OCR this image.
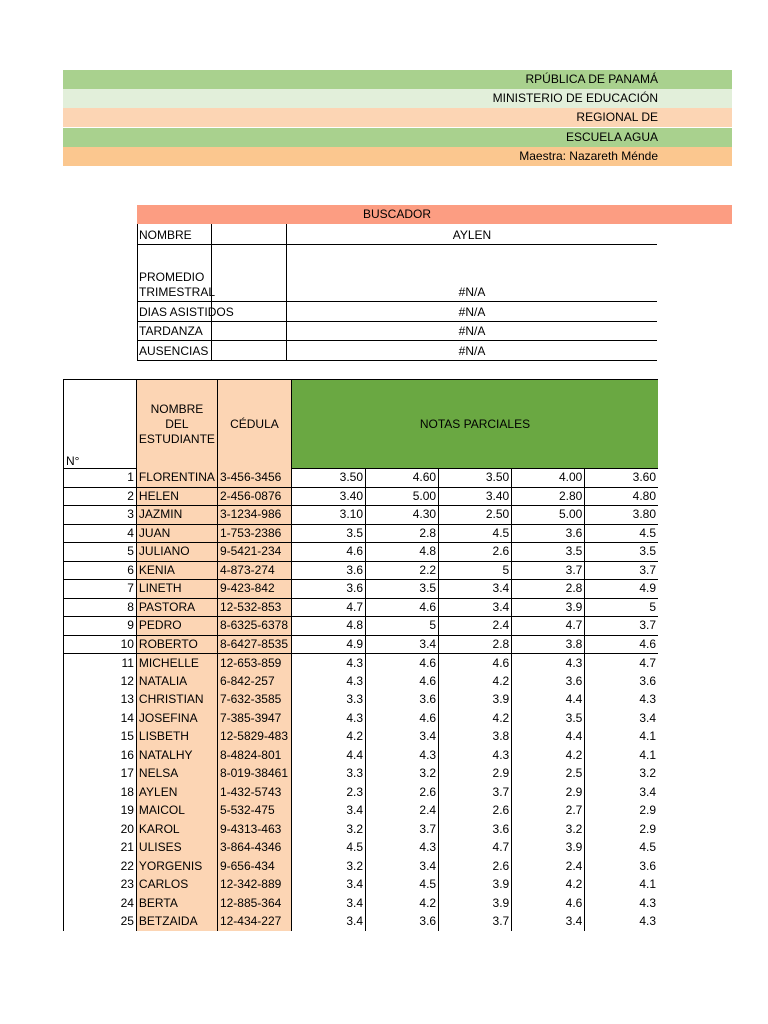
RPÚBLICA DE PANAMÁ
MINISTERIO DE EDUCACIÓN
REGIONAL DE
ESCUELA AGUA
Maestra: Nazareth Ménde
BUSCADOR
NOMBRE	AYLEN
PROMEDIO TRIMESTRAL	#N/A
DIAS ASISTIDOS	#N/A
TARDANZA	#N/A
AUSENCIAS	#N/A
N°	NOMBRE DEL ESTUDIANTE	CÉDULA	NOTAS PARCIALES				
1	FLORENTINA	3-456-3456	3.50	4.60	3.50	4.00	3.60
2	HELEN	2-456-0876	3.40	5.00	3.40	2.80	4.80
3	JAZMIN	3-1234-986	3.10	4.30	2.50	5.00	3.80
4	JUAN	1-753-2386	3.5	2.8	4.5	3.6	4.5
5	JULIANO	9-5421-234	4.6	4.8	2.6	3.5	3.5
6	KENIA	4-873-274	3.6	2.2	5	3.7	3.7
7	LINETH	9-423-842	3.6	3.5	3.4	2.8	4.9
8	PASTORA	12-532-853	4.7	4.6	3.4	3.9	5
9	PEDRO	8-6325-6378	4.8	5	2.4	4.7	3.7
10	ROBERTO	8-6427-8535	4.9	3.4	2.8	3.8	4.6
11	MICHELLE	12-653-859	4.3	4.6	4.6	4.3	4.7
12	NATALIA	6-842-257	4.3	4.6	4.2	3.6	3.6
13	CHRISTIAN	7-632-3585	3.3	3.6	3.9	4.4	4.3
14	JOSEFINA	7-385-3947	4.3	4.6	4.2	3.5	3.4
15	LISBETH	12-5829-483	4.2	3.4	3.8	4.4	4.1
16	NATALHY	8-4824-801	4.4	4.3	4.3	4.2	4.1
17	NELSA	8-019-38461	3.3	3.2	2.9	2.5	3.2
18	AYLEN	1-432-5743	2.3	2.6	3.7	2.9	3.4
19	MAICOL	5-532-475	3.4	2.4	2.6	2.7	2.9
20	KAROL	9-4313-463	3.2	3.7	3.6	3.2	2.9
21	ULISES	3-864-4346	4.5	4.3	4.7	3.9	4.5
22	YORGENIS	9-656-434	3.2	3.4	2.6	2.4	3.6
23	CARLOS	12-342-889	3.4	4.5	3.9	4.2	4.1
24	BERTA	12-885-364	3.4	4.2	3.9	4.6	4.3
25	BETZAIDA	12-434-227	3.4	3.6	3.7	3.4	4.3
